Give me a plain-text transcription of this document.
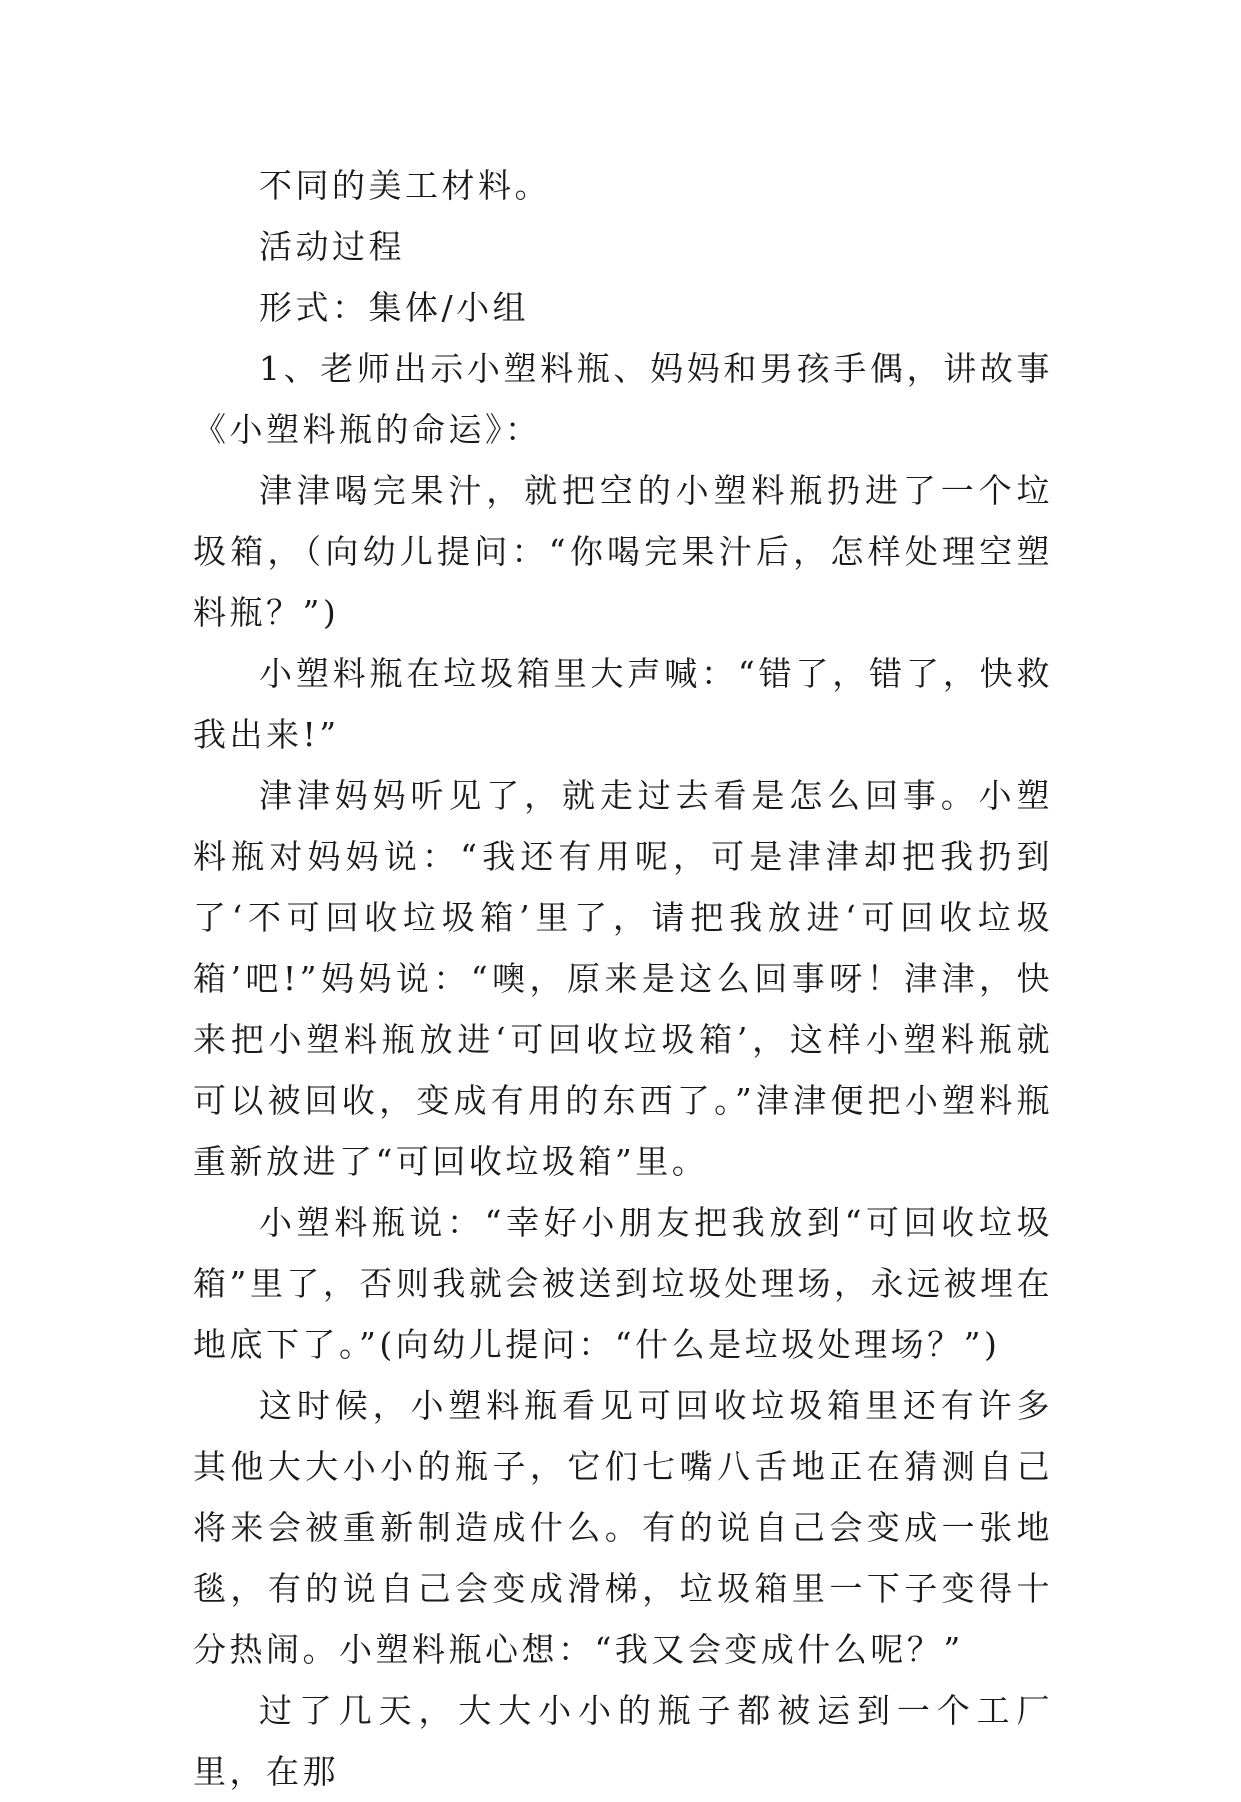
不同的美工材料。

活动过程

形式：集体/小组

1、老师出示小塑料瓶、妈妈和男孩手偶，讲故事《小塑料瓶的命运》：

津津喝完果汁，就把空的小塑料瓶扔进了一个垃圾箱，（向幼儿提问：“你喝完果汁后，怎样处理空塑料瓶？”)

小塑料瓶在垃圾箱里大声喊：“错了，错了，快救我出来!”

津津妈妈听见了，就走过去看是怎么回事。小塑料瓶对妈妈说：“我还有用呢，可是津津却把我扔到了‘不可回收垃圾箱’里了，请把我放进‘可回收垃圾箱’吧!”妈妈说：“噢，原来是这么回事呀！津津，快来把小塑料瓶放进‘可回收垃圾箱’，这样小塑料瓶就可以被回收，变成有用的东西了。”津津便把小塑料瓶重新放进了“可回收垃圾箱”里。

小塑料瓶说：“幸好小朋友把我放到“可回收垃圾箱”里了，否则我就会被送到垃圾处理场，永远被埋在地底下了。”(向幼儿提问：“什么是垃圾处理场？”)

这时候，小塑料瓶看见可回收垃圾箱里还有许多其他大大小小的瓶子，它们七嘴八舌地正在猜测自己将来会被重新制造成什么。有的说自己会变成一张地毯，有的说自己会变成滑梯，垃圾箱里一下子变得十分热闹。小塑料瓶心想：“我又会变成什么呢？”

过了几天，大大小小的瓶子都被运到一个工厂里，在那
